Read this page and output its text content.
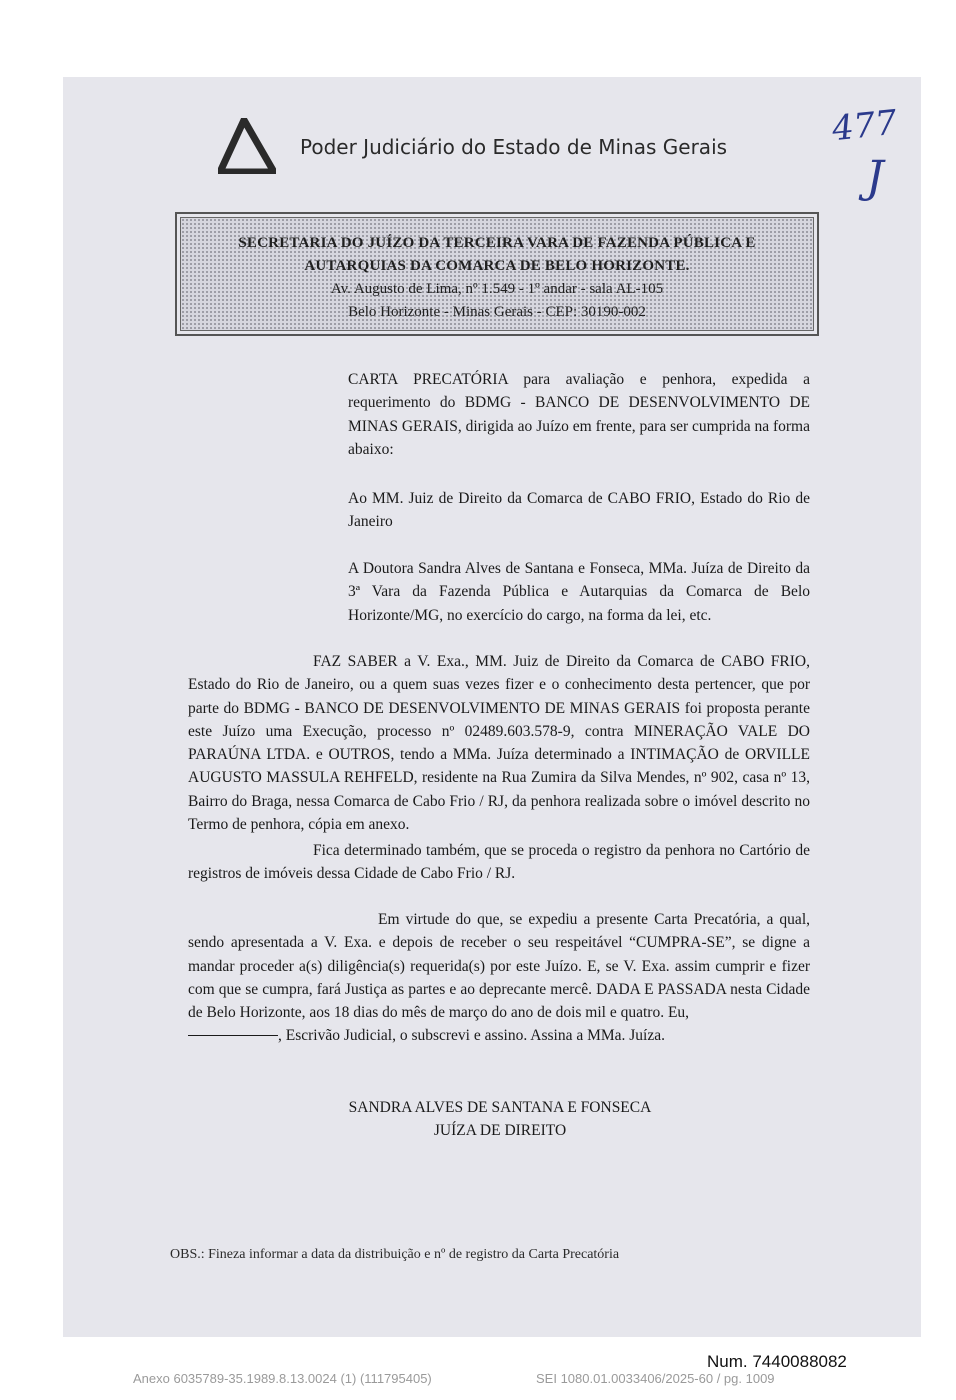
Poder Judiciário do Estado de Minas Gerais	477
J
SECRETARIA DO JUÍZO DA TERCEIRA VARA DE FAZENDA PÚBLICA E
AUTARQUIAS DA COMARCA DE BELO HORIZONTE.
Av. Augusto de Lima, nº 1.549 - 1º andar - sala AL-105
Belo Horizonte - Minas Gerais - CEP: 30190-002
CARTA PRECATÓRIA para avaliação e penhora, expedida a requerimento do BDMG - BANCO DE DESENVOLVIMENTO DE MINAS GERAIS, dirigida ao Juízo em frente, para ser cumprida na forma abaixo:
Ao MM. Juiz de Direito da Comarca de CABO FRIO, Estado do Rio de Janeiro
A Doutora Sandra Alves de Santana e Fonseca, MMa. Juíza de Direito da 3ª Vara da Fazenda Pública e Autarquias da Comarca de Belo Horizonte/MG, no exercício do cargo, na forma da lei, etc.
FAZ SABER a V. Exa., MM. Juiz de Direito da Comarca de CABO FRIO, Estado do Rio de Janeiro, ou a quem suas vezes fizer e o conhecimento desta pertencer, que por parte do BDMG - BANCO DE DESENVOLVIMENTO DE MINAS GERAIS foi proposta perante este Juízo uma Execução, processo nº 02489.603.578-9, contra MINERAÇÃO VALE DO PARAÚNA LTDA. e OUTROS, tendo a MMa. Juíza determinado a INTIMAÇÃO de ORVILLE AUGUSTO MASSULA REHFELD, residente na Rua Zumira da Silva Mendes, nº 902, casa nº 13, Bairro do Braga, nessa Comarca de Cabo Frio / RJ, da penhora realizada sobre o imóvel descrito no Termo de penhora, cópia em anexo.
Fica determinado também, que se proceda o registro da penhora no Cartório de registros de imóveis dessa Cidade de Cabo Frio / RJ.
Em virtude do que, se expediu a presente Carta Precatória, a qual, sendo apresentada a V. Exa. e depois de receber o seu respeitável “CUMPRA-SE”, se digne a mandar proceder a(s) diligência(s) requerida(s) por este Juízo. E, se V. Exa. assim cumprir e fizer com que se cumpra, fará Justiça as partes e ao deprecante mercê. DADA E PASSADA nesta Cidade de Belo Horizonte, aos 18 dias do mês de março do ano de dois mil e quatro. Eu,
, Escrivão Judicial, o subscrevi e assino. Assina a MMa. Juíza.
SANDRA ALVES DE SANTANA E FONSECA
JUÍZA DE DIREITO
OBS.: Fineza informar a data da distribuição e nº de registro da Carta Precatória
Num. 7440088082
Anexo 6035789-35.1989.8.13.0024 (1) (111795405)	SEI 1080.01.0033406/2025-60 / pg. 1009
